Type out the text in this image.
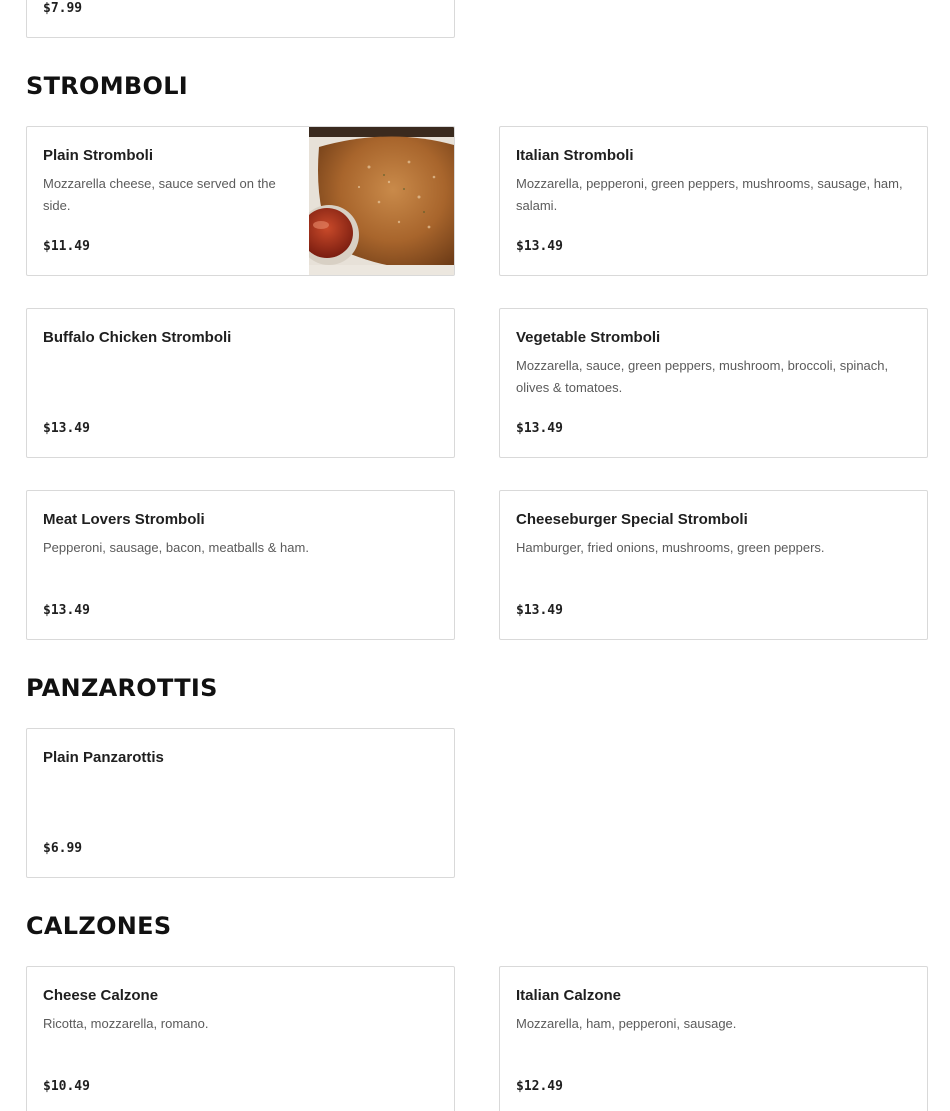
$7.99
STROMBOLI
Plain Stromboli
Mozzarella cheese, sauce served on the side.
$11.49
Italian Stromboli
Mozzarella, pepperoni, green peppers, mushrooms, sausage, ham, salami.
$13.49
Buffalo Chicken Stromboli
$13.49
Vegetable Stromboli
Mozzarella, sauce, green peppers, mushroom, broccoli, spinach, olives & tomatoes.
$13.49
Meat Lovers Stromboli
Pepperoni, sausage, bacon, meatballs & ham.
$13.49
Cheeseburger Special Stromboli
Hamburger, fried onions, mushrooms, green peppers.
$13.49
PANZAROTTIS
Plain Panzarottis
$6.99
CALZONES
Cheese Calzone
Ricotta, mozzarella, romano.
$10.49
Italian Calzone
Mozzarella, ham, pepperoni, sausage.
$12.49
